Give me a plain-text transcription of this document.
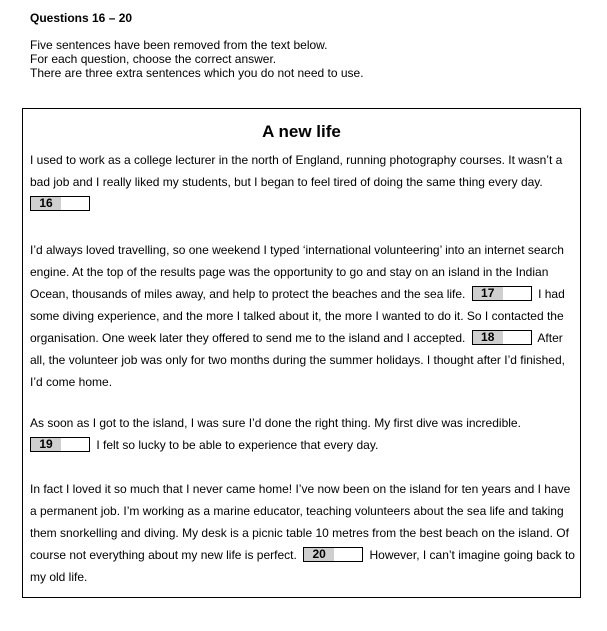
Questions 16 – 20
Five sentences have been removed from the text below.
For each question, choose the correct answer.
There are three extra sentences which you do not need to use.
A new life

I used to work as a college lecturer in the north of England, running photography courses. It wasn’t a bad job and I really liked my students, but I began to feel tired of doing the same thing every day.

16

I’d always loved travelling, so one weekend I typed ‘international volunteering’ into an internet search engine. At the top of the results page was the opportunity to go and stay on an island in the Indian Ocean, thousands of miles away, and help to protect the beaches and the sea life.	17	I had some diving experience, and the more I talked about it, the more I wanted to do it. So I contacted the organisation. One week later they offered to send me to the island and I accepted.	18	After all, the volunteer job was only for two months during the summer holidays. I thought after I’d finished, I’d come home.

As soon as I got to the island, I was sure I’d done the right thing. My first dive was incredible.

19	I felt so lucky to be able to experience that every day.

In fact I loved it so much that I never came home! I’ve now been on the island for ten years and I have a permanent job. I’m working as a marine educator, teaching volunteers about the sea life and taking them snorkelling and diving. My desk is a picnic table 10 metres from the best beach on the island. Of course not everything about my new life is perfect.	20	However, I can’t imagine going back to my old life.
